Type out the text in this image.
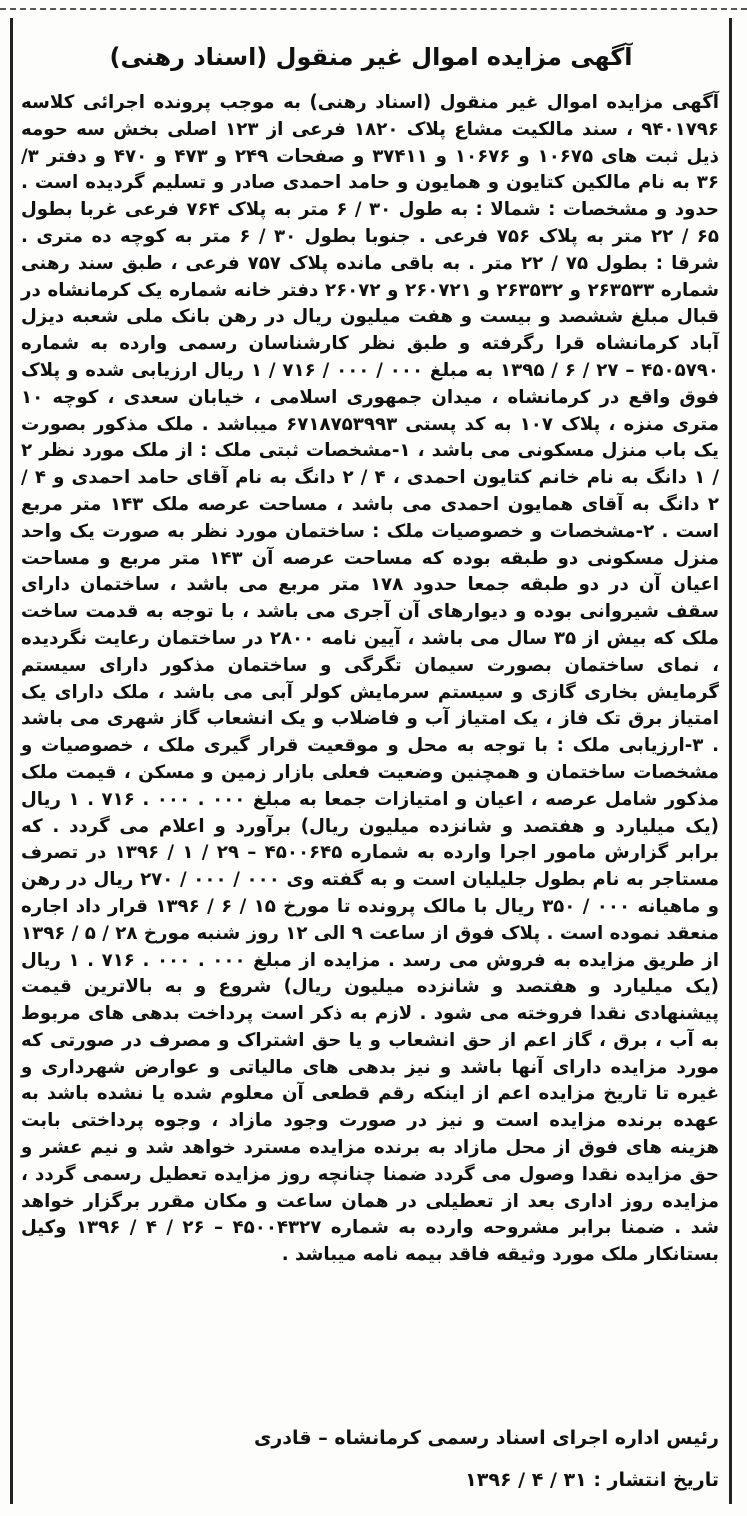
آگهی مزایده اموال غیر منقول (اسناد رهنی)
آگهی مزایده اموال غیر منقول (اسناد رهنی) به موجب پرونده اجرائی کلاسه ۹۴۰۱۷۹۶ ، سند مالکیت مشاع پلاک ۱۸۲۰ فرعی از ۱۲۳ اصلی بخش سه حومه ذیل ثبت های ۱۰۶۷۵ و ۱۰۶۷۶ و ۳۷۴۱۱ و صفحات ۲۴۹ و ۴۷۳ و ۴۷۰ و دفتر ۳/ ۳۶ به نام مالکین کتایون و همایون و حامد احمدی صادر و تسلیم گردیده است . حدود و مشخصات : شمالا : به طول ۳۰ / ۶ متر به پلاک ۷۶۴ فرعی غربا بطول ۶۵ / ۲۲ متر به پلاک ۷۵۶ فرعی . جنوبا بطول ۳۰ / ۶ متر به کوچه ده متری . شرقا : بطول ۷۵ / ۲۲ متر . به باقی مانده پلاک ۷۵۷ فرعی ، طبق سند رهنی شماره ۲۶۳۵۳۳ و ۲۶۳۵۳۲ و ۲۶۰۷۲۱ و ۲۶۰۷۲ دفتر خانه شماره یک کرمانشاه در قبال مبلغ ششصد و بیست و هفت میلیون ریال در رهن بانک ملی شعبه دیزل آباد کرمانشاه قرا رگرفته و طبق نظر کارشناسان رسمی وارده به شماره ۴۵۰۵۷۹۰ – ۲۷ / ۶ / ۱۳۹۵ به مبلغ ۰۰۰ / ۰۰۰ / ۷۱۶ / ۱ ریال ارزیابی شده و پلاک فوق واقع در کرمانشاه ، میدان جمهوری اسلامی ، خیابان سعدی ، کوچه ۱۰ متری منزه ، پلاک ۱۰۷ به کد پستی ۶۷۱۸۷۵۳۹۹۳ میباشد . ملک مذکور بصورت یک باب منزل مسکونی می باشد ، ۱-مشخصات ثبتی ملک : از ملک مورد نظر ۲ / ۱ دانگ به نام خانم کتایون احمدی ، ۴ / ۲ دانگ به نام آقای حامد احمدی و ۴ / ۲ دانگ به آقای همایون احمدی می باشد ، مساحت عرصه ملک ۱۴۳ متر مربع است . ۲-مشخصات و خصوصیات ملک : ساختمان مورد نظر به صورت یک واحد منزل مسکونی دو طبقه بوده که مساحت عرصه آن ۱۴۳ متر مربع و مساحت اعیان آن در دو طبقه جمعا حدود ۱۷۸ متر مربع می باشد ، ساختمان دارای سقف شیروانی بوده و دیوارهای آن آجری می باشد ، با توجه به قدمت ساخت ملک که بیش از ۳۵ سال می باشد ، آیین نامه ۲۸۰۰ در ساختمان رعایت نگردیده ، نمای ساختمان بصورت سیمان تگرگی و ساختمان مذکور دارای سیستم گرمایش بخاری گازی و سیستم سرمایش کولر آبی می باشد ، ملک دارای یک امتیاز برق تک فاز ، یک امتیاز آب و فاضلاب و یک انشعاب گاز شهری می باشد . ۳-ارزیابی ملک : با توجه به محل و موقعیت قرار گیری ملک ، خصوصیات و مشخصات ساختمان و همچنین وضعیت فعلی بازار زمین و مسکن ، قیمت ملک مذکور شامل عرصه ، اعیان و امتیازات جمعا به مبلغ ۰۰۰ . ۰۰۰ . ۷۱۶ . ۱ ریال (یک میلیارد و هفتصد و شانزده میلیون ریال) برآورد و اعلام می گردد . که برابر گزارش مامور اجرا وارده به شماره ۴۵۰۰۶۴۵ – ۲۹ / ۱ / ۱۳۹۶ در تصرف مستاجر به نام بطول جلیلیان است و به گفته وی ۰۰۰ / ۰۰۰ / ۲۷۰ ریال در رهن و ماهیانه ۰۰۰ / ۳۵۰ ریال با مالک پرونده تا مورخ ۱۵ / ۶ / ۱۳۹۶ قرار داد اجاره منعقد نموده است . پلاک فوق از ساعت ۹ الی ۱۲ روز شنبه مورخ ۲۸ / ۵ / ۱۳۹۶ از طریق مزایده به فروش می رسد . مزایده از مبلغ ۰۰۰ . ۰۰۰ . ۷۱۶ . ۱ ریال (یک میلیارد و هفتصد و شانزده میلیون ریال) شروع و به بالاترین قیمت پیشنهادی نقدا فروخته می شود . لازم به ذکر است پرداخت بدهی های مربوط به آب ، برق ، گاز اعم از حق انشعاب و یا حق اشتراک و مصرف در صورتی که مورد مزایده دارای آنها باشد و نیز بدهی های مالیاتی و عوارض شهرداری و غیره تا تاریخ مزایده اعم از اینکه رقم قطعی آن معلوم شده یا نشده باشد به عهده برنده مزایده است و نیز در صورت وجود مازاد ، وجوه پرداختی بابت هزینه های فوق از محل مازاد به برنده مزایده مسترد خواهد شد و نیم عشر و حق مزایده نقدا وصول می گردد ضمنا چنانچه روز مزایده تعطیل رسمی گردد ، مزایده روز اداری بعد از تعطیلی در همان ساعت و مکان مقرر برگزار خواهد شد . ضمنا برابر مشروحه وارده به شماره ۴۵۰۰۴۳۲۷ – ۲۶ / ۴ / ۱۳۹۶ وکیل بستانکار ملک مورد وثیقه فاقد بیمه نامه میباشد .
رئیس اداره اجرای اسناد رسمی کرمانشاه – قادری
تاریخ انتشار : ۳۱ / ۴ / ۱۳۹۶
